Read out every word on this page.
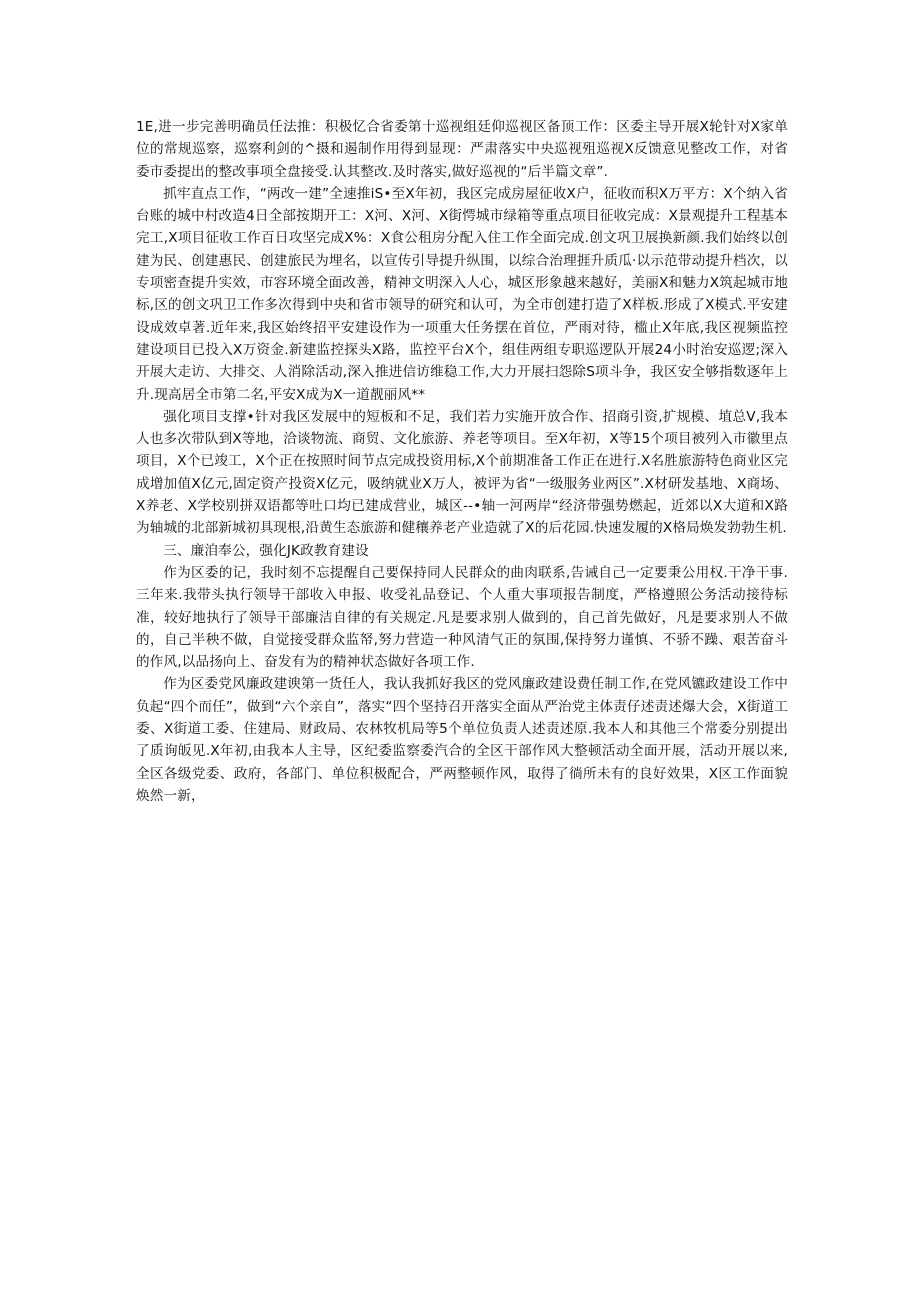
1E,进一步完善明确员任法推：积极忆合省委第十巡视组廷仰巡视区备顶工作：区委主导开展X轮针对X家单位的常规巡察，巡察利剑的^摄和遏制作用得到显现：严肃落实中央巡视殂巡视X反馈意见整改工作，对省委市委提出的整改事项全盘接受.认其整改.及时落实,做好巡视的“后半篇文章”.

抓牢直点工作，“两改一建”全速推iS•至X年初，我区完成房屋征收X户，征收而积X万平方：X个纳入省台账的城中村改造4日全部按期开工：X河、X河、X街愕城市绿箱等重点项目征收完成：X景观提升工程基本完工,X项目征收工作百日攻坚完成X%：X食公租房分配入住工作全面完成.创文巩卫展换新颜.我们始终以创建为民、创建惠民、创建旅民为埋名，以宣传引导提升纵围，以综合治理捱升质瓜·以示范带动提升档次，以专项密查提升实效，市容环境全面改善，精神文明深入人心，城区形象越来越好，美丽X和魅力X筑起城市地标,区的创文巩卫工作多次得到中央和省市领导的研究和认可，为全市创建打造了X样板.形成了X模式.平安建设成效卓著.近年来,我区始终招平安建设作为一项重大任务摆在首位，严雨对待，槛止X年底,我区视频监控建设项目已投入X万资金.新建监控探头X路，监控平台X个，组佳两组专职巡逻队开展24小时治安巡逻;深入开展大走访、大排交、人消除活动,深入推进信访维稳工作,大力开展扫怨除S项斗争，我区安全够指数逐年上升.现高居全市第二名,平安X成为X一道靓丽风**

强化项目支撑•针对我区发展中的短板和不足，我们若力实施开放合作、招商引资,扩规模、埴总V,我本人也多次带队到X等地，洽谈物流、商贸、文化旅游、养老等项目。至X年初，X等15个项目被列入市徽里点项目，X个已竣工，X个正在按照时间节点完成投资用标,X个前期准备工作正在进行.X名胜旅游特色商业区完成增加值X亿元,固定资产投资X亿元，吸纳就业X万人，被评为省“一级服务业两区”.X材研发基地、X商场、X养老、X学校别拼双语都等吐口均已建成营业，城区--•轴一河两岸“经济带强势燃起，近郊以X大道和X路为轴城的北部新城初具现根,沿黄生态旅游和健穰养老产业造就了X的后花园.快速发履的X格局焕发勃勃生机.

三、廉洎奉公，强化JK政教育建设

作为区委的记，我时刻不忘提醒自己要保持同人民群众的曲肉联系,告诫自己一定要秉公用权.干净干事.三年来.我带头执行领导干部收入申报、收受礼品登记、个人重大事项报告制度，严格遵照公务活动接待标准，较好地执行了领导干部廉洁自律的有关规定.凡是要求别人做到的，自己首先做好，凡是要求别人不做的，自己半秧不做，自觉接受群众监帑,努力营造一种风清气正的氛围,保持努力谨慎、不骄不躁、艰苦奋斗的作风,以品扬向上、奋发有为的精神状态做好各项工作.

作为区委党风廉政建谀第一货任人，我认我抓好我区的党风廉政建设费任制工作,在党风镳政建设工作中负起“四个而任”，做到“六个亲自”，落实“四个坚持召开落实全面从严治党主体责仔述责述爆大会，X街道工委、X街道工委、住建局、财政局、农林牧机局等5个单位负责人述责述原.我本人和其他三个常委分别提出了质询皈见.X年初,由我本人主导，区纪委监察委汽合的全区干部作风大整顿活动全面开展，活动开展以来,全区各级党委、政府，各部门、单位积极配合，严两整顿作风，取得了徜所未有的良好效果，X区工作面貌焕然一新，
